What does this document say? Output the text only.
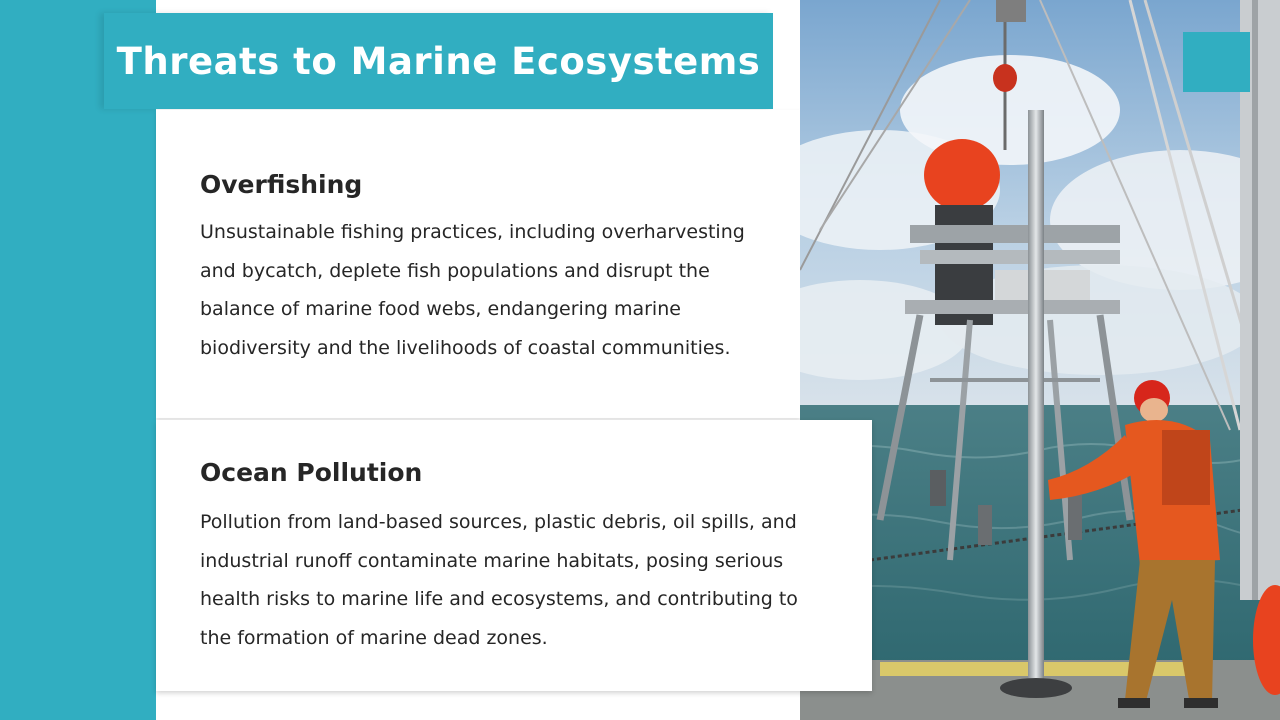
Threats to Marine Ecosystems
Overfishing

Unsustainable fishing practices, including overharvesting and bycatch, deplete fish populations and disrupt the balance of marine food webs, endangering marine biodiversity and the livelihoods of coastal communities.

Ocean Pollution

Pollution from land-based sources, plastic debris, oil spills, and industrial runoff contaminate marine habitats, posing serious health risks to marine life and ecosystems, and contributing to the formation of marine dead zones.
